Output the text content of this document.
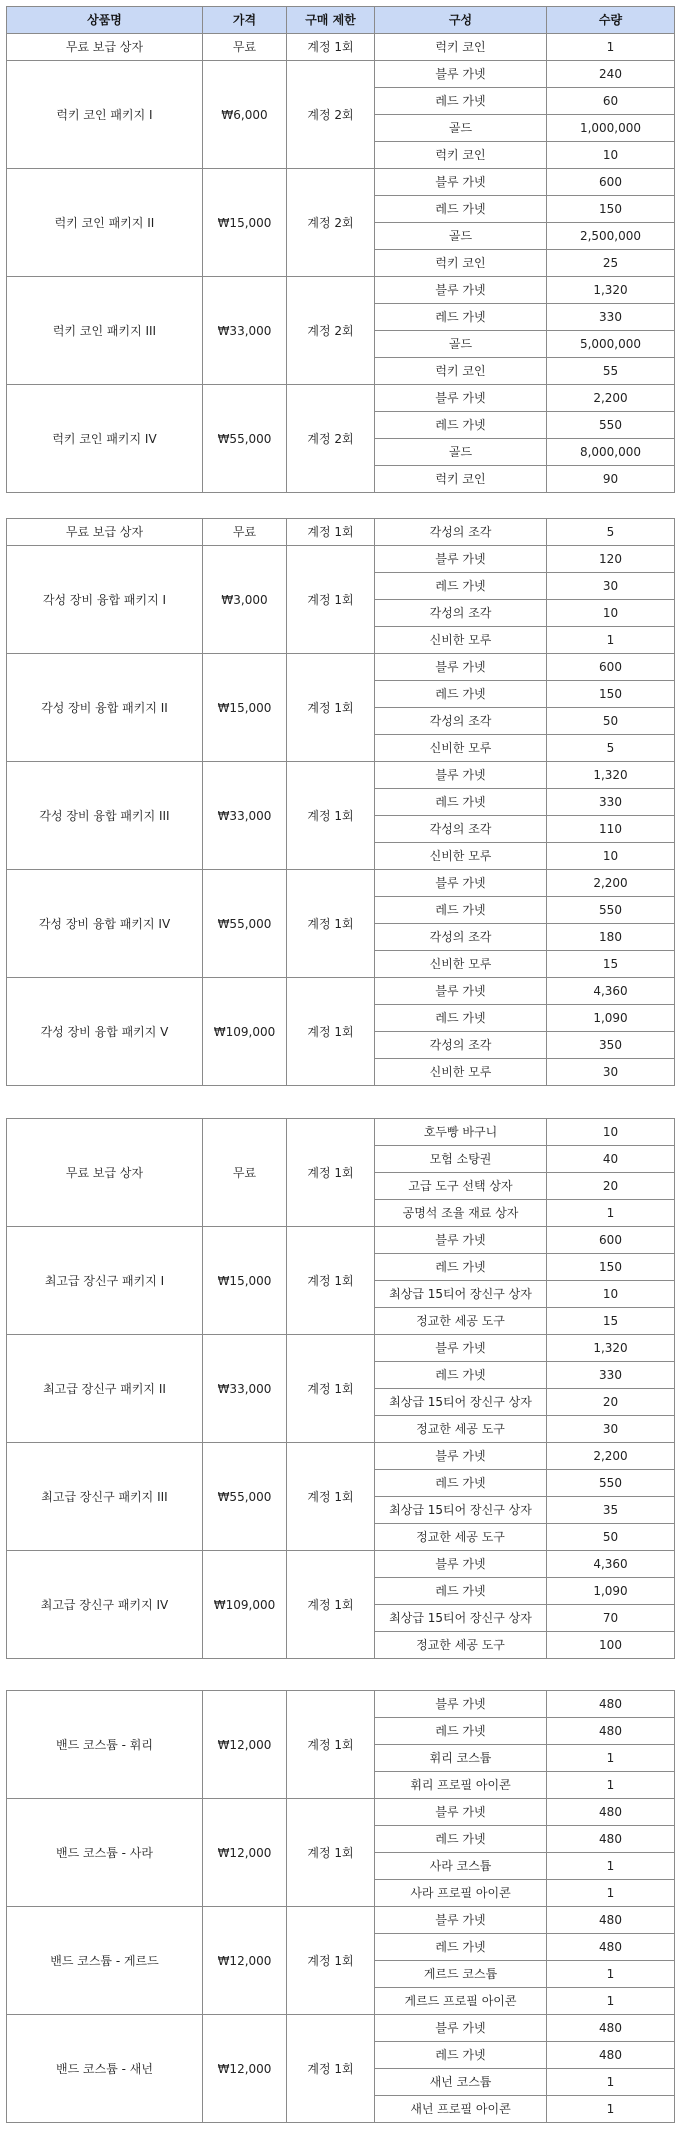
상품명	가격	구매 제한	구성	수량
무료 보급 상자	무료	계정 1회	럭키 코인	1
럭키 코인 패키지 I	₩6,000	계정 2회	블루 가넷	240
			레드 가넷	60
			골드	1,000,000
			럭키 코인	10
럭키 코인 패키지 II	₩15,000	계정 2회	블루 가넷	600
			레드 가넷	150
			골드	2,500,000
			럭키 코인	25
럭키 코인 패키지 III	₩33,000	계정 2회	블루 가넷	1,320
			레드 가넷	330
			골드	5,000,000
			럭키 코인	55
럭키 코인 패키지 IV	₩55,000	계정 2회	블루 가넷	2,200
			레드 가넷	550
			골드	8,000,000
			럭키 코인	90
무료 보급 상자	무료	계정 1회	각성의 조각	5
각성 장비 융합 패키지 I	₩3,000	계정 1회	블루 가넷	120
			레드 가넷	30
			각성의 조각	10
			신비한 모루	1
각성 장비 융합 패키지 II	₩15,000	계정 1회	블루 가넷	600
			레드 가넷	150
			각성의 조각	50
			신비한 모루	5
각성 장비 융합 패키지 III	₩33,000	계정 1회	블루 가넷	1,320
			레드 가넷	330
			각성의 조각	110
			신비한 모루	10
각성 장비 융합 패키지 IV	₩55,000	계정 1회	블루 가넷	2,200
			레드 가넷	550
			각성의 조각	180
			신비한 모루	15
각성 장비 융합 패키지 V	₩109,000	계정 1회	블루 가넷	4,360
			레드 가넷	1,090
			각성의 조각	350
			신비한 모루	30
무료 보급 상자	무료	계정 1회	호두빵 바구니	10
			모험 소탕권	40
			고급 도구 선택 상자	20
			공명석 조율 재료 상자	1
최고급 장신구 패키지 I	₩15,000	계정 1회	블루 가넷	600
			레드 가넷	150
			최상급 15티어 장신구 상자	10
			정교한 세공 도구	15
최고급 장신구 패키지 II	₩33,000	계정 1회	블루 가넷	1,320
			레드 가넷	330
			최상급 15티어 장신구 상자	20
			정교한 세공 도구	30
최고급 장신구 패키지 III	₩55,000	계정 1회	블루 가넷	2,200
			레드 가넷	550
			최상급 15티어 장신구 상자	35
			정교한 세공 도구	50
최고급 장신구 패키지 IV	₩109,000	계정 1회	블루 가넷	4,360
			레드 가넷	1,090
			최상급 15티어 장신구 상자	70
			정교한 세공 도구	100
밴드 코스튬 - 휘리	₩12,000	계정 1회	블루 가넷	480
			레드 가넷	480
			휘리 코스튬	1
			휘리 프로필 아이콘	1
밴드 코스튬 - 사라	₩12,000	계정 1회	블루 가넷	480
			레드 가넷	480
			사라 코스튬	1
			사라 프로필 아이콘	1
밴드 코스튬 - 게르드	₩12,000	계정 1회	블루 가넷	480
			레드 가넷	480
			게르드 코스튬	1
			게르드 프로필 아이콘	1
밴드 코스튬 - 새넌	₩12,000	계정 1회	블루 가넷	480
			레드 가넷	480
			새넌 코스튬	1
			새넌 프로필 아이콘	1
